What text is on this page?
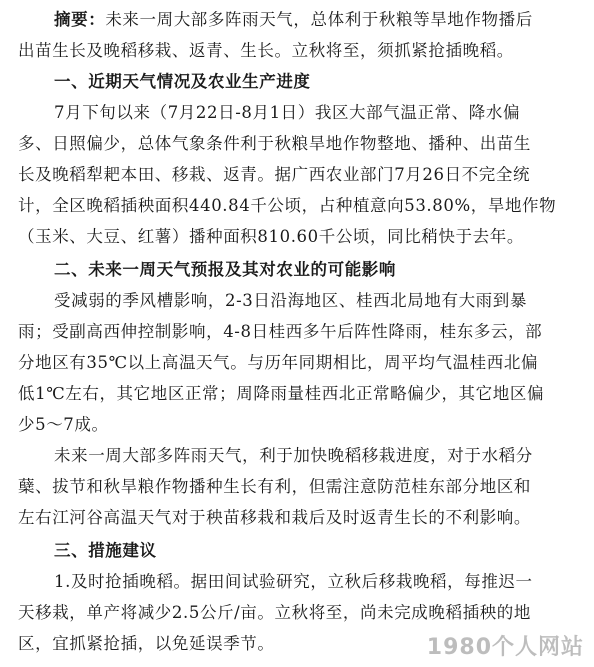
摘要：未来一周大部多阵雨天气，总体利于秋粮等旱地作物播后
出苗生长及晚稻移栽、返青、生长。立秋将至，须抓紧抢插晚稻。
一、近期天气情况及农业生产进度
7月下旬以来（7月22日-8月1日）我区大部气温正常、降水偏
多、日照偏少，总体气象条件利于秋粮旱地作物整地、播种、出苗生
长及晚稻犁耙本田、移栽、返青。据广西农业部门7月26日不完全统
计，全区晚稻插秧面积440.84千公顷，占种植意向53.80%，旱地作物
（玉米、大豆、红薯）播种面积810.60千公顷，同比稍快于去年。
二、未来一周天气预报及其对农业的可能影响
受减弱的季风槽影响，2-3日沿海地区、桂西北局地有大雨到暴
雨；受副高西伸控制影响，4-8日桂西多午后阵性降雨，桂东多云，部
分地区有35℃以上高温天气。与历年同期相比，周平均气温桂西北偏
低1℃左右，其它地区正常；周降雨量桂西北正常略偏少，其它地区偏
少5～7成。
未来一周大部多阵雨天气，利于加快晚稻移栽进度，对于水稻分
蘖、拔节和秋旱粮作物播种生长有利，但需注意防范桂东部分地区和
左右江河谷高温天气对于秧苗移栽和栽后及时返青生长的不利影响。
三、措施建议
1.及时抢插晚稻。据田间试验研究，立秋后移栽晚稻，每推迟一
天移栽，单产将减少2.5公斤/亩。立秋将至，尚未完成晚稻插秧的地
区，宜抓紧抢插，以免延误季节。	1980个人网站
